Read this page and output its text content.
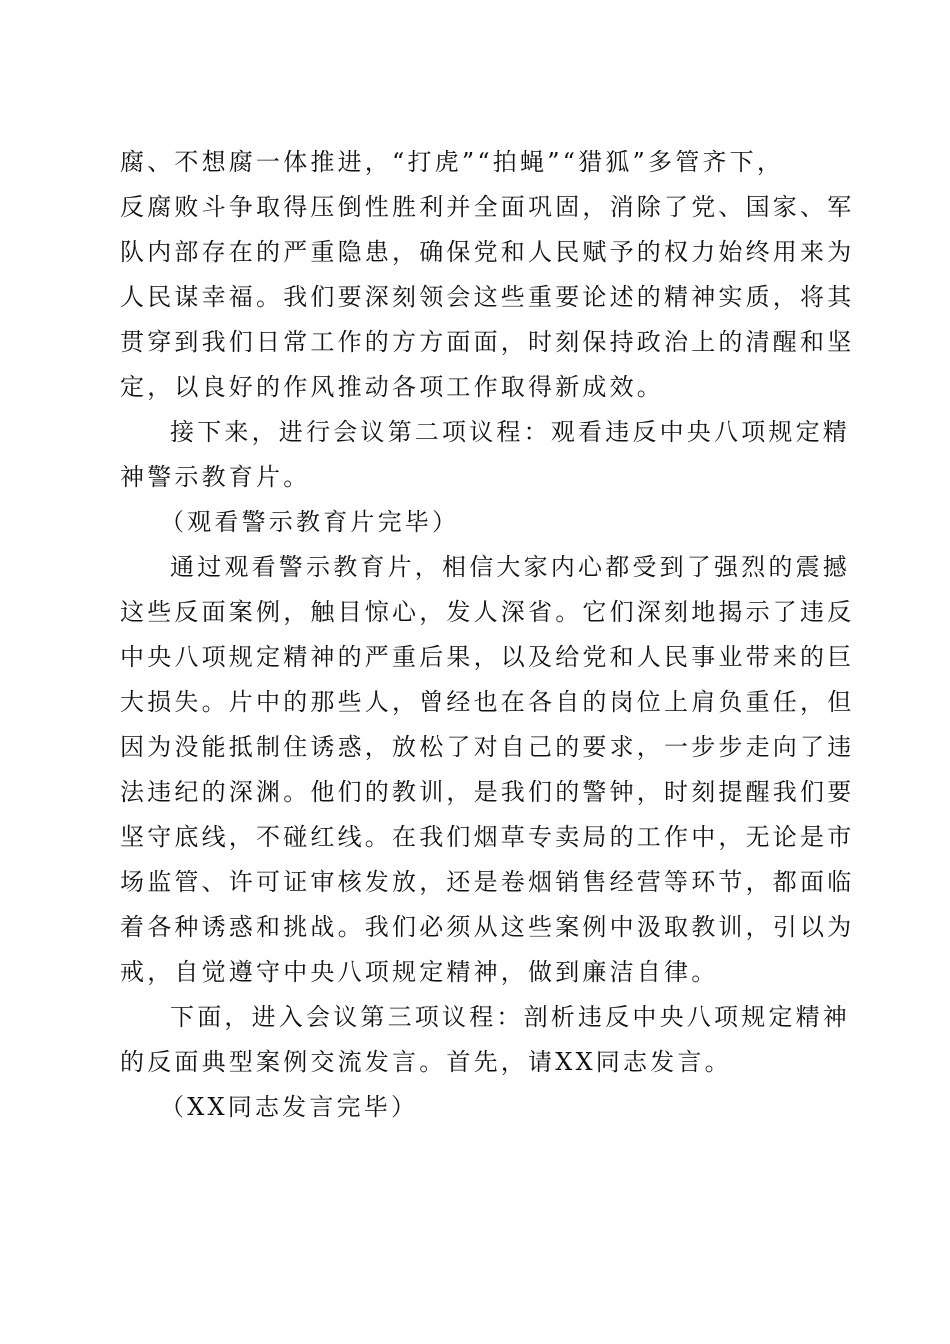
腐、不想腐一体推进，“打虎”“拍蝇”“猎狐”多管齐下，
反腐败斗争取得压倒性胜利并全面巩固，消除了党、国家、军
队内部存在的严重隐患，确保党和人民赋予的权力始终用来为
人民谋幸福。我们要深刻领会这些重要论述的精神实质，将其
贯穿到我们日常工作的方方面面，时刻保持政治上的清醒和坚
定，以良好的作风推动各项工作取得新成效。

接下来，进行会议第二项议程：观看违反中央八项规定精
神警示教育片。

（观看警示教育片完毕）

通过观看警示教育片，相信大家内心都受到了强烈的震撼
这些反面案例，触目惊心，发人深省。它们深刻地揭示了违反
中央八项规定精神的严重后果，以及给党和人民事业带来的巨
大损失。片中的那些人，曾经也在各自的岗位上肩负重任，但
因为没能抵制住诱惑，放松了对自己的要求，一步步走向了违
法违纪的深渊。他们的教训，是我们的警钟，时刻提醒我们要
坚守底线，不碰红线。在我们烟草专卖局的工作中，无论是市
场监管、许可证审核发放，还是卷烟销售经营等环节，都面临
着各种诱惑和挑战。我们必须从这些案例中汲取教训，引以为
戒，自觉遵守中央八项规定精神，做到廉洁自律。

下面，进入会议第三项议程：剖析违反中央八项规定精神
的反面典型案例交流发言。首先，请XX同志发言。

（XX同志发言完毕）
